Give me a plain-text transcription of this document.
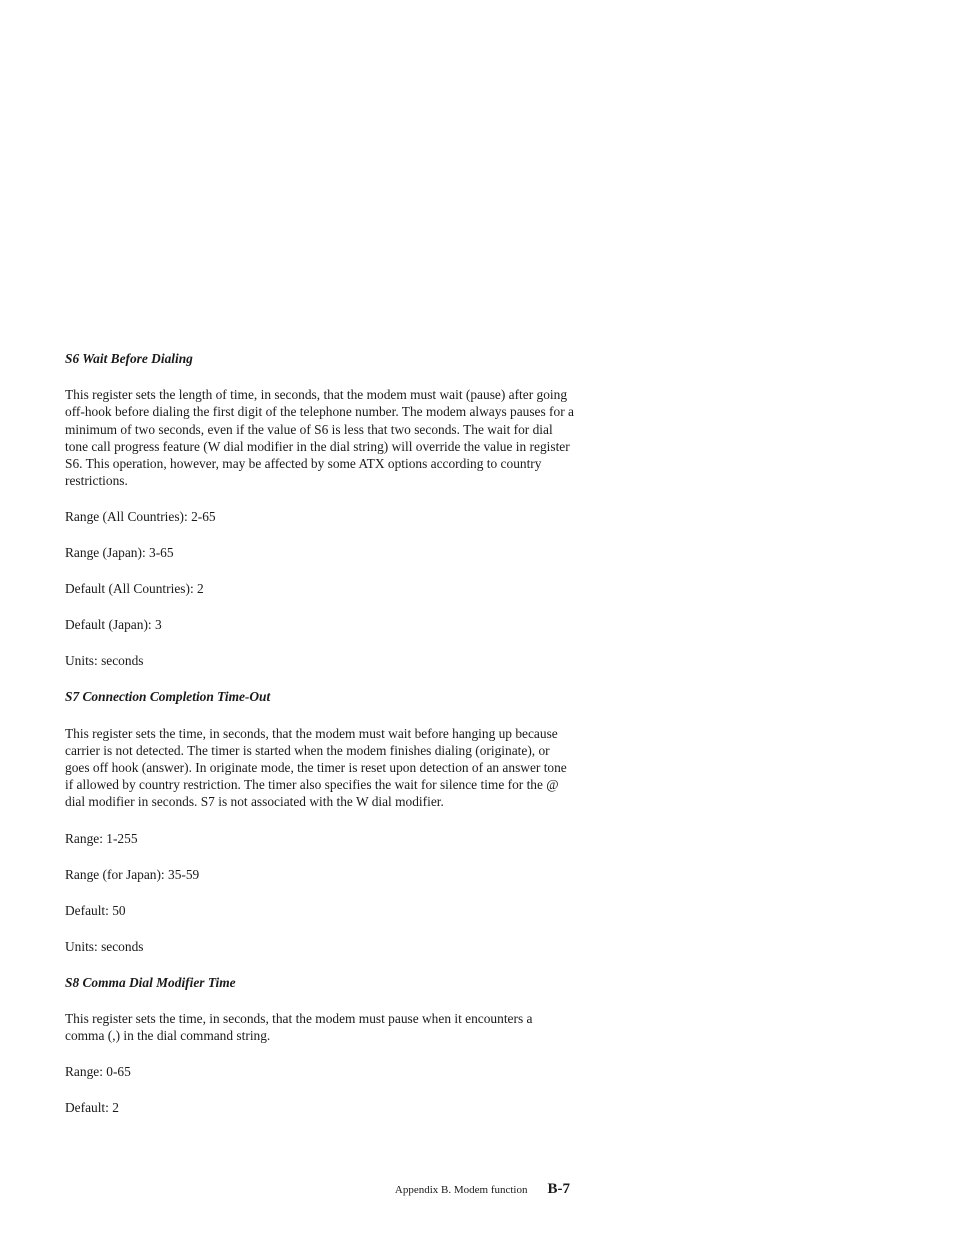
S6 Wait Before Dialing

This register sets the length of time, in seconds, that the modem must wait (pause) after going off-hook before dialing the first digit of the telephone number. The modem always pauses for a minimum of two seconds, even if the value of S6 is less that two seconds. The wait for dial tone call progress feature (W dial modifier in the dial string) will override the value in register S6. This operation, however, may be affected by some ATX options according to country restrictions.

Range (All Countries): 2-65

Range (Japan): 3-65

Default (All Countries): 2

Default (Japan): 3

Units: seconds

S7 Connection Completion Time-Out

This register sets the time, in seconds, that the modem must wait before hanging up because carrier is not detected. The timer is started when the modem finishes dialing (originate), or goes off hook (answer). In originate mode, the timer is reset upon detection of an answer tone if allowed by country restriction. The timer also specifies the wait for silence time for the @ dial modifier in seconds. S7 is not associated with the W dial modifier.

Range: 1-255

Range (for Japan): 35-59

Default: 50

Units: seconds

S8 Comma Dial Modifier Time

This register sets the time, in seconds, that the modem must pause when it encounters a comma (,) in the dial command string.

Range: 0-65

Default: 2

Appendix B. Modem function B-7
